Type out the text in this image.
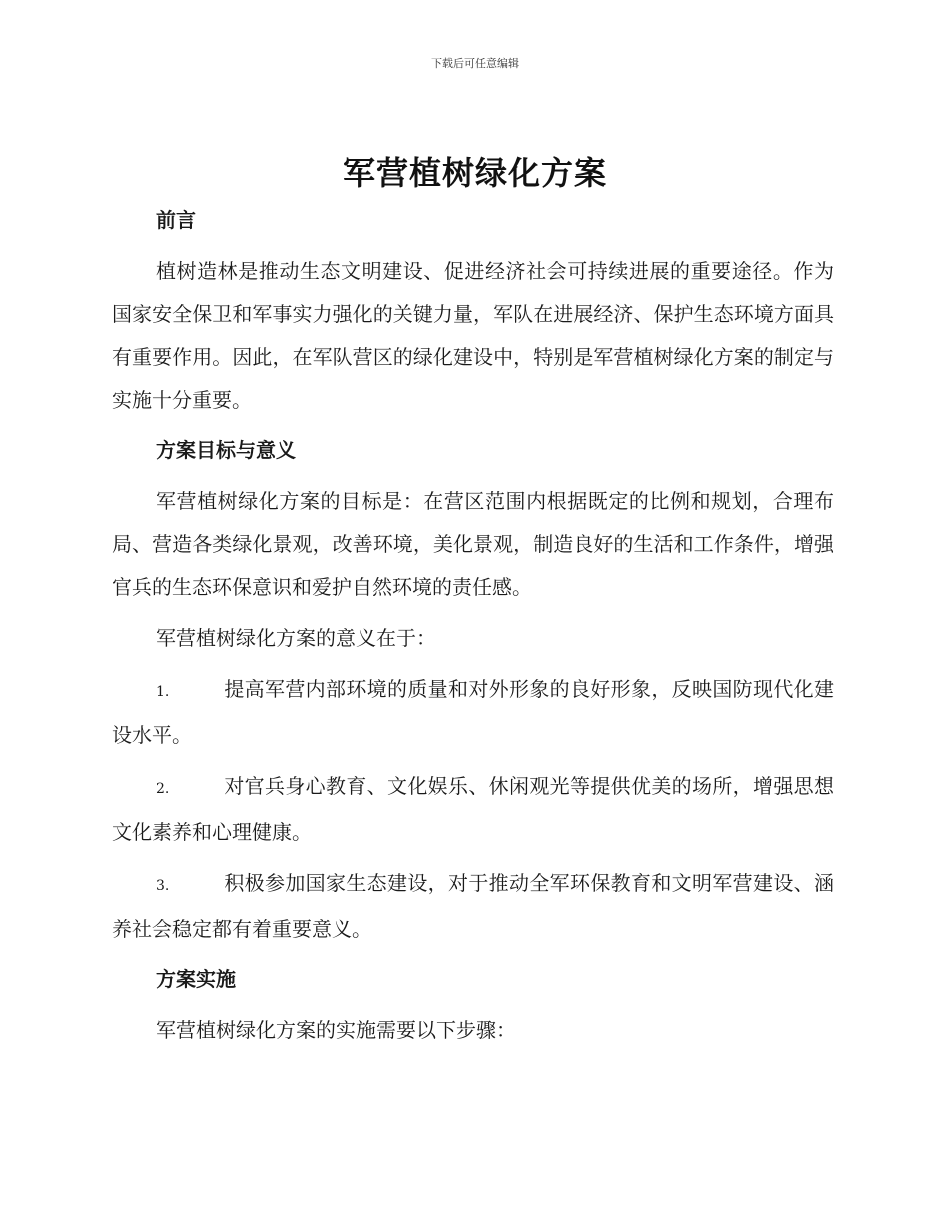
下载后可任意编辑
军营植树绿化方案
前言

植树造林是推动生态文明建设、促进经济社会可持续进展的重要途径。作为国家安全保卫和军事实力强化的关键力量，军队在进展经济、保护生态环境方面具有重要作用。因此，在军队营区的绿化建设中，特别是军营植树绿化方案的制定与实施十分重要。

方案目标与意义

军营植树绿化方案的目标是：在营区范围内根据既定的比例和规划，合理布局、营造各类绿化景观，改善环境，美化景观，制造良好的生活和工作条件，增强官兵的生态环保意识和爱护自然环境的责任感。

军营植树绿化方案的意义在于：

1.	提高军营内部环境的质量和对外形象的良好形象，反映国防现代化建设水平。

2.	对官兵身心教育、文化娱乐、休闲观光等提供优美的场所，增强思想文化素养和心理健康。

3.	积极参加国家生态建设，对于推动全军环保教育和文明军营建设、涵养社会稳定都有着重要意义。

方案实施

军营植树绿化方案的实施需要以下步骤：
